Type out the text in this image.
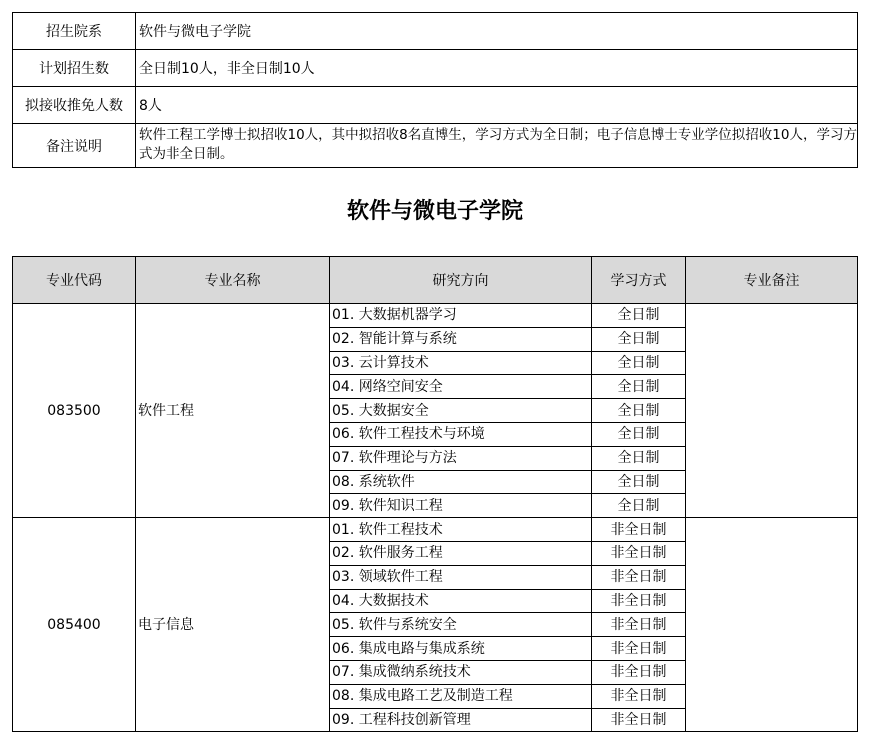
招生院系	软件与微电子学院
计划招生数	全日制10人，非全日制10人
拟接收推免人数	8人
备注说明	软件工程工学博士拟招收10人，其中拟招收8名直博生，学习方式为全日制；电子信息博士专业学位拟招收10人，学习方式为非全日制。
软件与微电子学院
专业代码	专业名称	研究方向	学习方式	专业备注
083500	软件工程	01. 大数据机器学习	全日制	
		02. 智能计算与系统	全日制	
		03. 云计算技术	全日制	
		04. 网络空间安全	全日制	
		05. 大数据安全	全日制	
		06. 软件工程技术与环境	全日制	
		07. 软件理论与方法	全日制	
		08. 系统软件	全日制	
		09. 软件知识工程	全日制	
085400	电子信息	01. 软件工程技术	非全日制	
		02. 软件服务工程	非全日制	
		03. 领域软件工程	非全日制	
		04. 大数据技术	非全日制	
		05. 软件与系统安全	非全日制	
		06. 集成电路与集成系统	非全日制	
		07. 集成微纳系统技术	非全日制	
		08. 集成电路工艺及制造工程	非全日制	
		09. 工程科技创新管理	非全日制	
